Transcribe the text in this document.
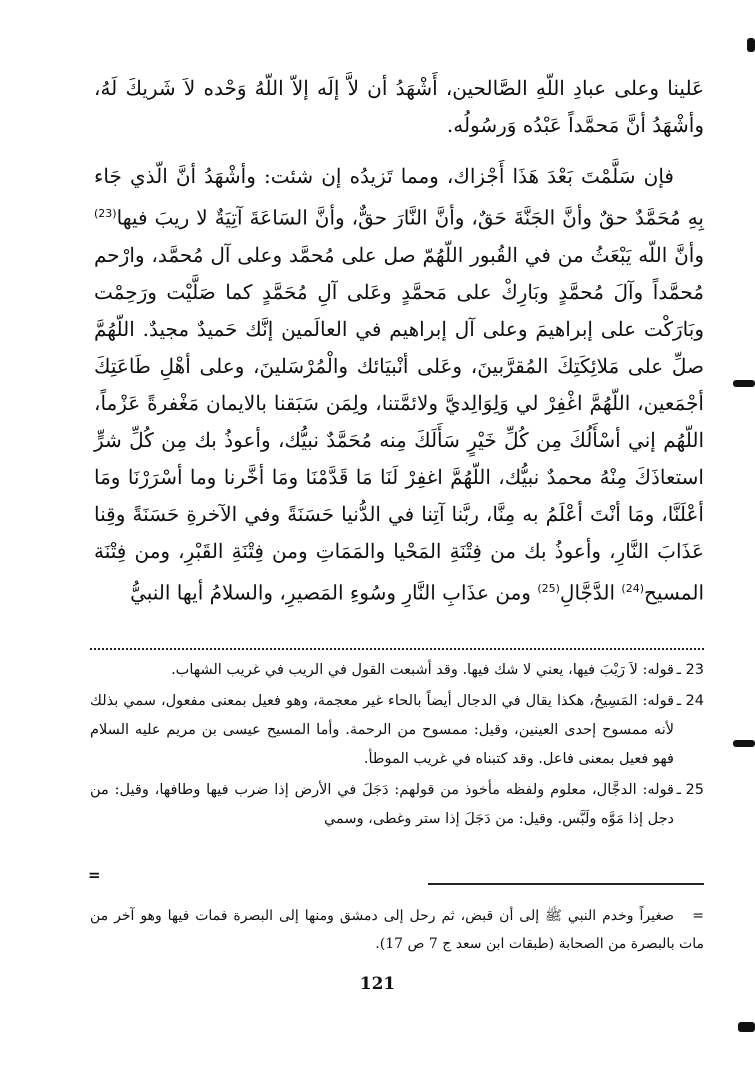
عَلينا وعلى عبادِ اللّهِ الصَّالحين، أَشْهَدُ أن لاَّ إلَه إلاّ اللّهُ وَحْده لاَ شَريكَ لَهُ، وأشْهَدُ أنَّ مَحمَّداً عَبْدُه وَرسُولُه.

فإن سَلَّمْتَ بَعْدَ هَذَا أَجْزاك، ومما تَزيدُه إن شئت: وأشْهَدُ أنَّ الّذي جَاء بِهِ مُحَمَّدٌ حقٌ وأنَّ الجَنَّةَ حَقٌ، وأنَّ النَّارَ حقٌّ، وأنَّ السَاعَةَ آتِيَةٌ لا ريبَ فيها$^{(23)}$ وأنَّ اللّه يَبْعَثُ من في القُبور اللّهُمّ صل على مُحمَّد وعلى آل مُحمَّد، وارْحم مُحمَّداً وآلَ مُحمَّدٍ وبَارِكْ على مَحمَّدٍ وعَلى آلِ مُحَمَّدٍ كما صَلَّيْت ورَحِمْت وبَارَكْت على إبراهيمَ وعلى آل إبراهيم في العالَمين إنَّك حَميدٌ مجيدٌ. اللّهُمَّ صلِّ على مَلائِكَتِكَ المُقرَّبينَ، وعَلى أنْبيَائك والْمُرْسَلينَ، وعلى أهْلِ طَاعَتِكَ أجْمَعين، اللّهُمَّ اغْفِرْ لي وَلِوَالِديَّ ولائمَّتنا، ولِمَن سَبَقنا بالايمان مَغْفرةً عَزْماً، اللّهُم إني أسْأَلُكَ مِن كُلِّ خَيْرٍ سَأَلَكَ مِنه مُحَمَّدٌ نبيُّك، وأعوذُ بك مِن كُلِّ شرٍّ استعاذَكَ مِنْهُ محمدٌ نبيُّك، اللّهُمَّ اغفِرْ لَنَا مَا قَدَّمْنَا ومَا أخَّرنا وما أسْرَرْنَا ومَا أعْلَنَّا، ومَا أنْتَ أعْلَمُ به مِنَّا، ربَّنا آتِنا في الدُّنيا حَسَنَةً وفي الآخرةِ حَسَنَةً وقِنا عَذَابَ النَّارِ، وأعوذُ بك من فِتْنَةِ المَحْيا والمَمَاتِ ومن فِتْنَةِ القَبْرِ، ومن فِتْنَة المسيح$^{(24)}$ الدَّجَّالِ$^{(25)}$ ومن عذَابِ النَّارِ وسُوءِ المَصيرِ، والسلامُ أيها النبيُّ

23 ـقوله: لاَ رَيْبَ فيها، يعني لا شك فيها. وقد أشبعت القول في الريب في غريب الشهاب.

24 ـقوله: المَسِيحُ، هكذا يقال في الدجال أيضاً بالحاء غير معجمة، وهو فعيل بمعنى مفعول، سمي بذلك لأنه ممسوح إحدى العينين، وقيل: ممسوح من الرحمة. وأما المسيح عيسى بن مريم عليه السلام فهو فعيل بمعنى فاعل. وقد كتبناه في غريب الموطأ.

25 ـقوله: الدجَّال، معلوم ولفظه مأخوذ من قولهم: دَجَلَ في الأرض إذا ضرب فيها وطافها، وقيل: من دجل إذا مَوَّه ولَبَّس. وقيل: من دَجَلَ إذا ستر وغطى، وسمي

=
=صغيراً وخدم النبي ﷺ إلى أن قبض، ثم رحل إلى دمشق ومنها إلى البصرة فمات فيها وهو آخر من مات بالبصرة من الصحابة (طبقات ابن سعد ج 7 ص 17).
121
